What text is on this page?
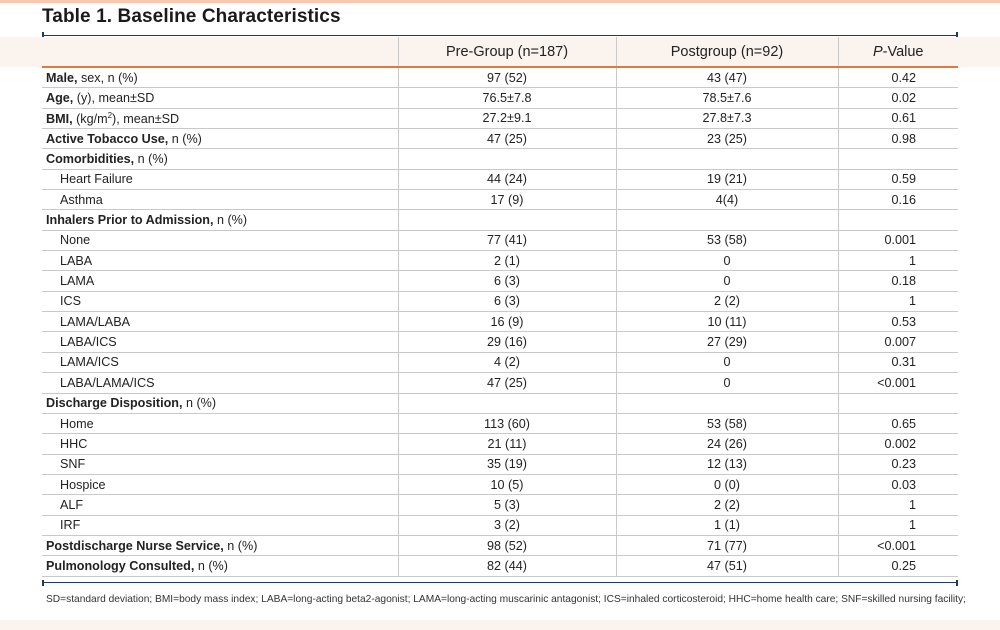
Table 1. Baseline Characteristics
	Pre-Group (n=187)	Postgroup (n=92)	P-Value
Male, sex, n (%)	97 (52)	43 (47)	0.42
Age, (y), mean±SD	76.5±7.8	78.5±7.6	0.02
BMI, $(kg/m^2)$, mean±SD	27.2±9.1	27.8±7.3	0.61
Active Tobacco Use, n (%)	47 (25)	23 (25)	0.98
Comorbidities, n (%)			
Heart Failure	44 (24)	19 (21)	0.59
Asthma	17 (9)	4(4)	0.16
Inhalers Prior to Admission, n (%)			
None	77 (41)	53 (58)	0.001
LABA	2 (1)	0	1
LAMA	6 (3)	0	0.18
ICS	6 (3)	2 (2)	1
LAMA/LABA	16 (9)	10 (11)	0.53
LABA/ICS	29 (16)	27 (29)	0.007
LAMA/ICS	4 (2)	0	0.31
LABA/LAMA/ICS	47 (25)	0	<0.001
Discharge Disposition, n (%)			
Home	113 (60)	53 (58)	0.65
HHC	21 (11)	24 (26)	0.002
SNF	35 (19)	12 (13)	0.23
Hospice	10 (5)	0 (0)	0.03
ALF	5 (3)	2 (2)	1
IRF	3 (2)	1 (1)	1
Postdischarge Nurse Service, n (%)	98 (52)	71 (77)	<0.001
Pulmonology Consulted, n (%)	82 (44)	47 (51)	0.25
SD=standard deviation; BMI=body mass index; LABA=long-acting beta2-agonist; LAMA=long-acting muscarinic antagonist; ICS=inhaled corticosteroid; HHC=home health care; SNF=skilled nursing facility;
